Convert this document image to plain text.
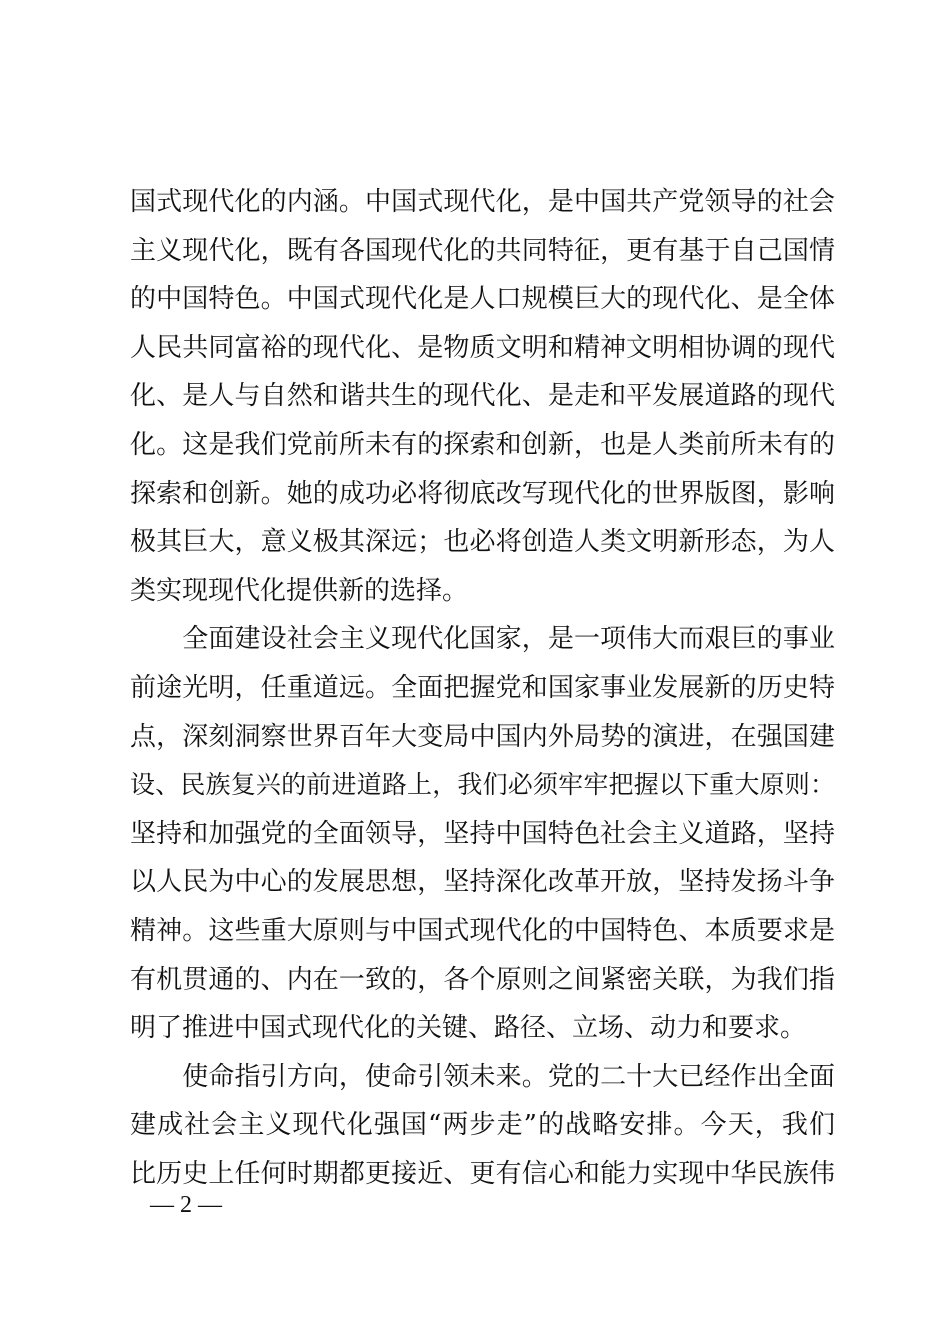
国式现代化的内涵。中国式现代化，是中国共产党领导的社会
主义现代化，既有各国现代化的共同特征，更有基于自己国情
的中国特色。中国式现代化是人口规模巨大的现代化、是全体
人民共同富裕的现代化、是物质文明和精神文明相协调的现代
化、是人与自然和谐共生的现代化、是走和平发展道路的现代
化。这是我们党前所未有的探索和创新，也是人类前所未有的
探索和创新。她的成功必将彻底改写现代化的世界版图，影响
极其巨大，意义极其深远；也必将创造人类文明新形态，为人
类实现现代化提供新的选择。
　　全面建设社会主义现代化国家，是一项伟大而艰巨的事业
前途光明，任重道远。全面把握党和国家事业发展新的历史特
点，深刻洞察世界百年大变局中国内外局势的演进，在强国建
设、民族复兴的前进道路上，我们必须牢牢把握以下重大原则：
坚持和加强党的全面领导，坚持中国特色社会主义道路，坚持
以人民为中心的发展思想，坚持深化改革开放，坚持发扬斗争
精神。这些重大原则与中国式现代化的中国特色、本质要求是
有机贯通的、内在一致的，各个原则之间紧密关联，为我们指
明了推进中国式现代化的关键、路径、立场、动力和要求。
　　使命指引方向，使命引领未来。党的二十大已经作出全面
建成社会主义现代化强国“两步走”的战略安排。今天，我们
比历史上任何时期都更接近、更有信心和能力实现中华民族伟
— 2 —
